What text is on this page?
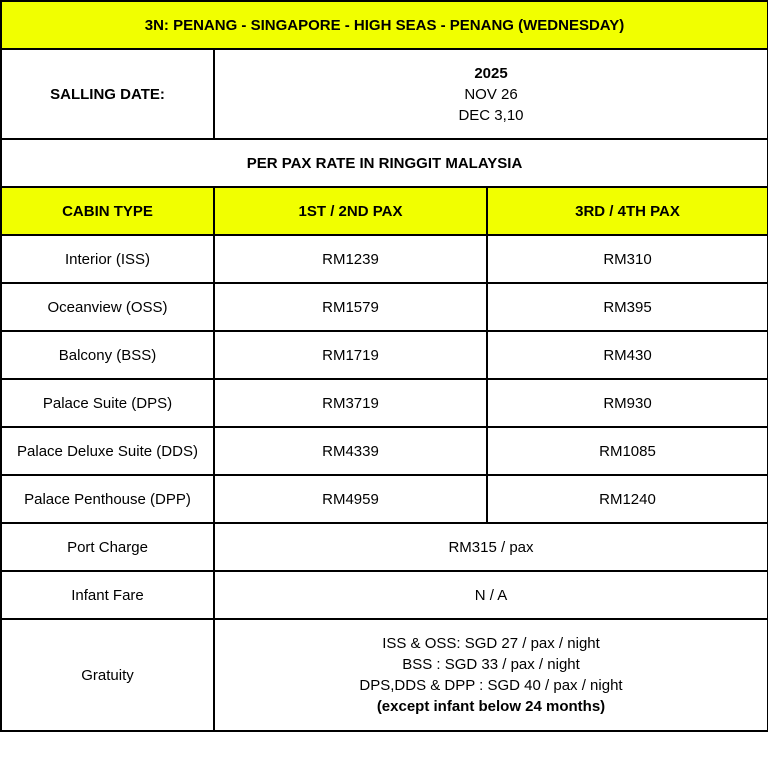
3N: PENANG - SINGAPORE - HIGH SEAS - PENANG (WEDNESDAY)		
SALLING DATE:	2025
NOV 26
DEC 3,10	

PER PAX RATE IN RINGGIT MALAYSIA		
CABIN TYPE	1ST / 2ND PAX	3RD / 4TH PAX
Interior (ISS)	RM1239	RM310
Oceanview (OSS)	RM1579	RM395
Balcony (BSS)	RM1719	RM430
Palace Suite (DPS)	RM3719	RM930
Palace Deluxe Suite (DDS)	RM4339	RM1085
Palace Penthouse (DPP)	RM4959	RM1240
Port Charge	RM315 / pax	
Infant Fare	N / A	
Gratuity	ISS & OSS: SGD 27 / pax / night
BSS : SGD 33 / pax / night
DPS,DDS & DPP : SGD 40 / pax / night
(except infant below 24 months)	
